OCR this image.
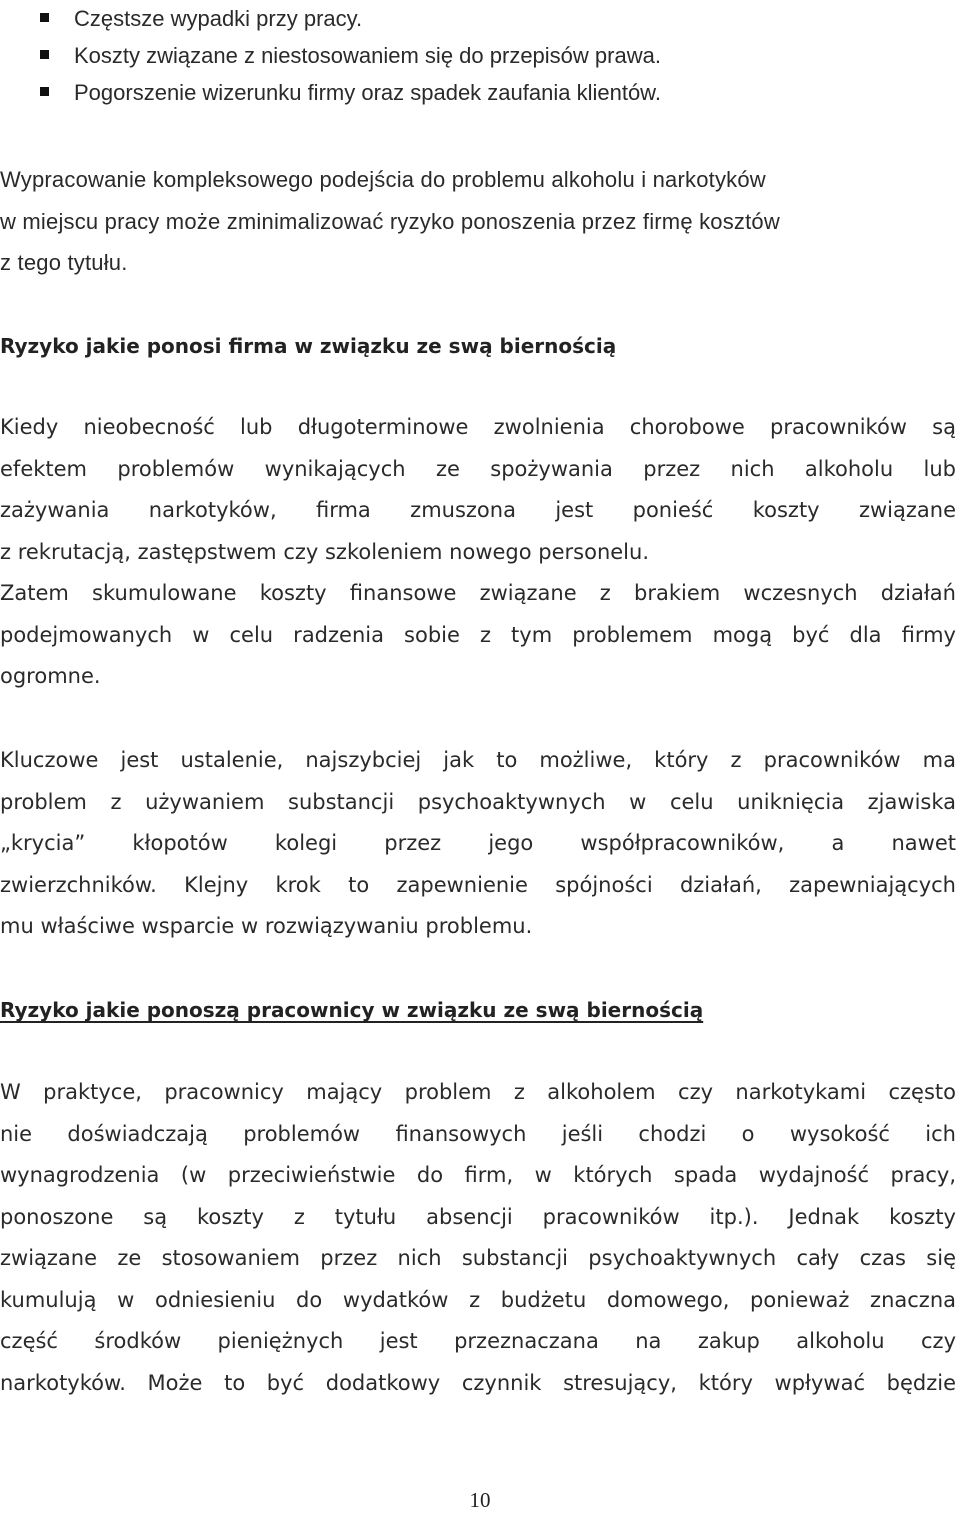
Częstsze wypadki przy pracy.
Koszty związane z niestosowaniem się do przepisów prawa.
Pogorszenie wizerunku firmy oraz spadek zaufania klientów.

Wypracowanie kompleksowego podejścia do problemu alkoholu i narkotyków
w miejscu pracy może zminimalizować ryzyko ponoszenia przez firmę kosztów
z tego tytułu.

Ryzyko jakie ponosi firma w związku ze swą biernością

Kiedy nieobecność lub długoterminowe zwolnienia chorobowe pracowników są
efektem problemów wynikających ze spożywania przez nich alkoholu lub
zażywania narkotyków, firma zmuszona jest ponieść koszty związane
z rekrutacją, zastępstwem czy szkoleniem nowego personelu.
Zatem skumulowane koszty finansowe związane z brakiem wczesnych działań
podejmowanych w celu radzenia sobie z tym problemem mogą być dla firmy
ogromne.

Kluczowe jest ustalenie, najszybciej jak to możliwe, który z pracowników ma
problem z używaniem substancji psychoaktywnych w celu uniknięcia zjawiska
„krycia” kłopotów kolegi przez jego współpracowników, a nawet
zwierzchników. Klejny krok to zapewnienie spójności działań, zapewniających
mu właściwe wsparcie w rozwiązywaniu problemu.

Ryzyko jakie ponoszą pracownicy w związku ze swą biernością

W praktyce, pracownicy mający problem z alkoholem czy narkotykami często
nie doświadczają problemów finansowych jeśli chodzi o wysokość ich
wynagrodzenia (w przeciwieństwie do firm, w których spada wydajność pracy,
ponoszone są koszty z tytułu absencji pracowników itp.). Jednak koszty
związane ze stosowaniem przez nich substancji psychoaktywnych cały czas się
kumulują w odniesieniu do wydatków z budżetu domowego, ponieważ znaczna
część środków pieniężnych jest przeznaczana na zakup alkoholu czy
narkotyków. Może to być dodatkowy czynnik stresujący, który wpływać będzie

10
